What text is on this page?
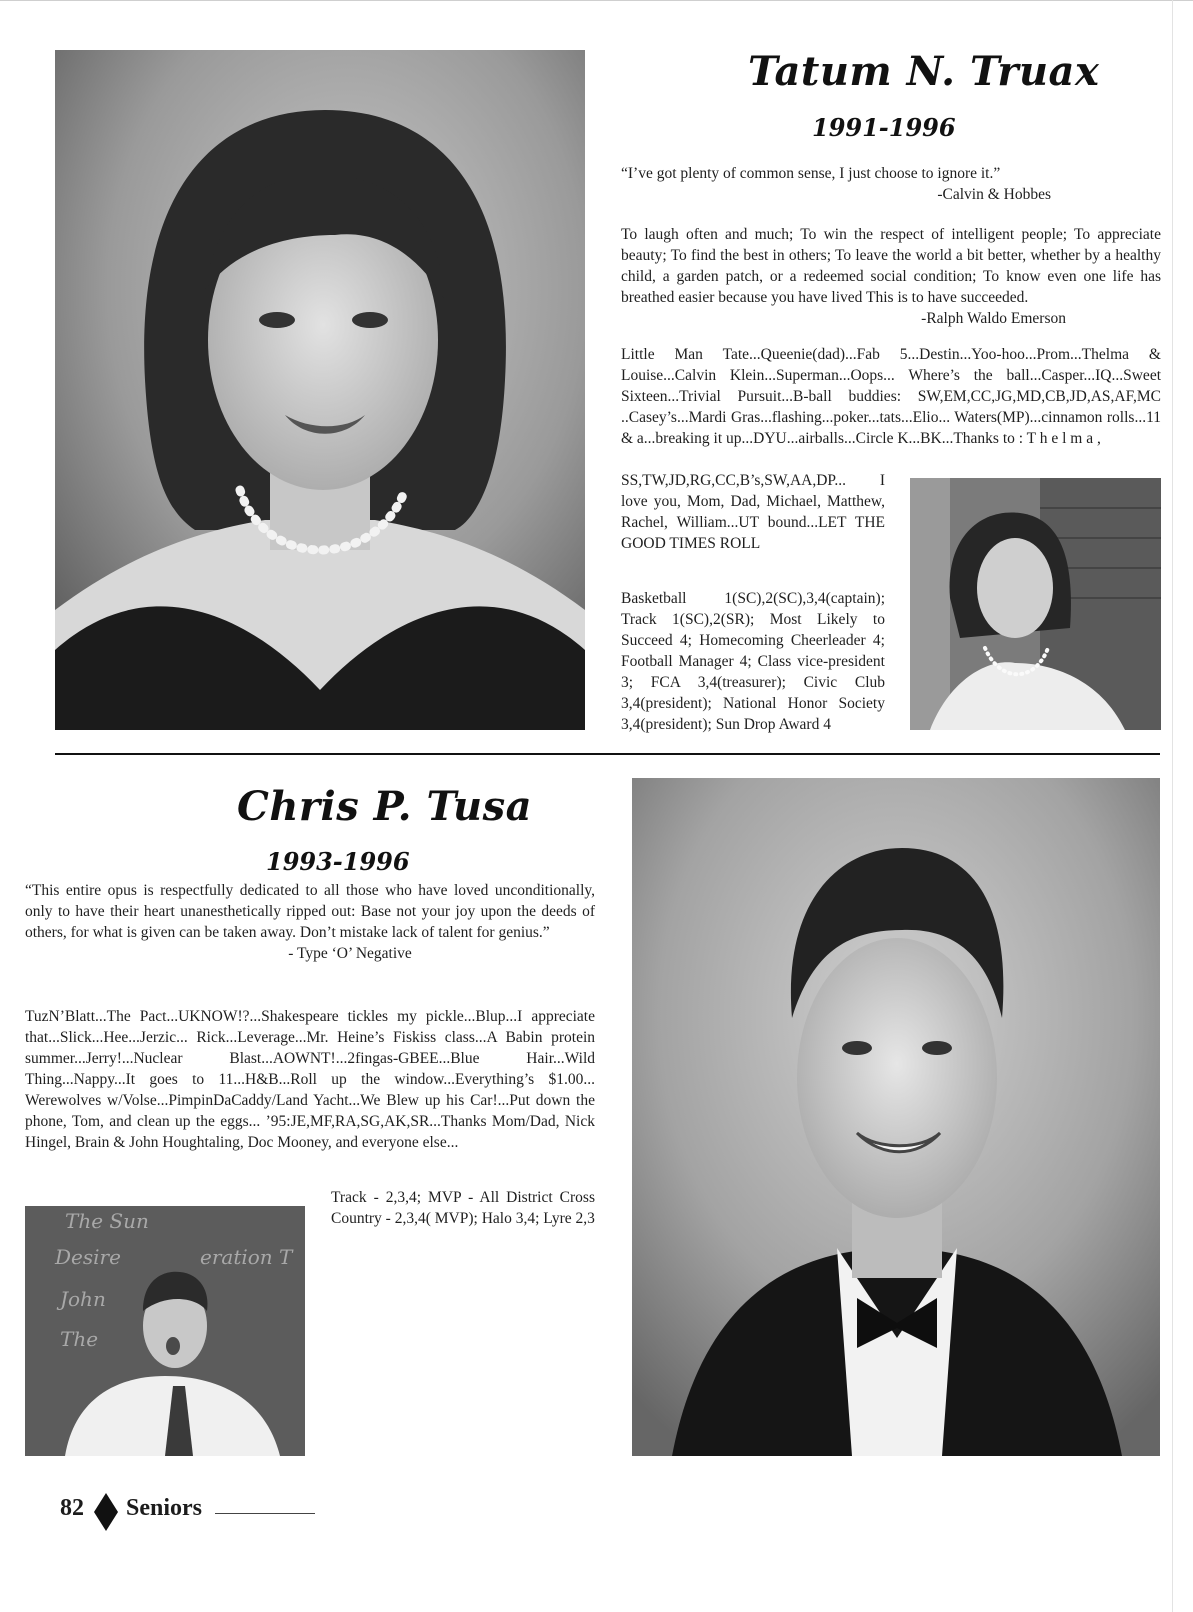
Tatum N. Truax
1991-1996
“I’ve got plenty of common sense, I just choose to ignore it.”
-Calvin & Hobbes
To laugh often and much; To win the respect of intelligent people; To appreciate beauty; To find the best in others; To leave the world a bit better, whether by a healthy child, a garden patch, or a redeemed social condition; To know even one life has breathed easier because you have lived This is to have succeeded.
-Ralph Waldo Emerson
Little Man Tate...Queenie(dad)...Fab 5...Destin...Yoo-hoo...Prom...Thelma & Louise...Calvin Klein...Superman...Oops... Where’s the ball...Casper...IQ...Sweet Sixteen...Trivial Pursuit...B-ball buddies: SW,EM,CC,JG,MD,CB,JD,AS,AF,MC ..Casey’s...Mardi Gras...flashing...poker...tats...Elio... Waters(MP)...cinnamon rolls...11 & a...breaking it up...DYU...airballs...Circle K...BK...Thanks to : T h e l m a ,
SS,TW,JD,RG,CC,B’s,SW,AA,DP... I love you, Mom, Dad, Michael, Matthew, Rachel, William...UT bound...LET THE GOOD TIMES ROLL
Basketball 1(SC),2(SC),3,4(captain); Track 1(SC),2(SR); Most Likely to Succeed 4; Homecoming Cheerleader 4; Football Manager 4; Class vice-president 3; FCA 3,4(treasurer); Civic Club 3,4(president); National Honor Society 3,4(president); Sun Drop Award 4
Chris P. Tusa
1993-1996
“This entire opus is respectfully dedicated to all those who have loved unconditionally, only to have their heart unanesthetically ripped out: Base not your joy upon the deeds of others, for what is given can be taken away. Don’t mistake lack of talent for genius.”
- Type ‘O’ Negative
TuzN’Blatt...The Pact...UKNOW!?...Shakespeare tickles my pickle...Blup...I appreciate that...Slick...Hee...Jerzic... Rick...Leverage...Mr. Heine’s Fiskiss class...A Babin protein summer...Jerry!...Nuclear Blast...AOWNT!...2fingas-GBEE...Blue Hair...Wild Thing...Nappy...It goes to 11...H&B...Roll up the window...Everything’s $1.00... Werewolves w/Volse...PimpinDaCaddy/Land Yacht...We Blew up his Car!...Put down the phone, Tom, and clean up the eggs... ’95:JE,MF,RA,SG,AK,SR...Thanks Mom/Dad, Nick Hingel, Brain & John Houghtaling, Doc Mooney, and everyone else...
Track - 2,3,4; MVP - All District Cross Country - 2,3,4( MVP); Halo 3,4; Lyre 2,3
The Sun
Desire	eration T
John
The
82 Seniors
